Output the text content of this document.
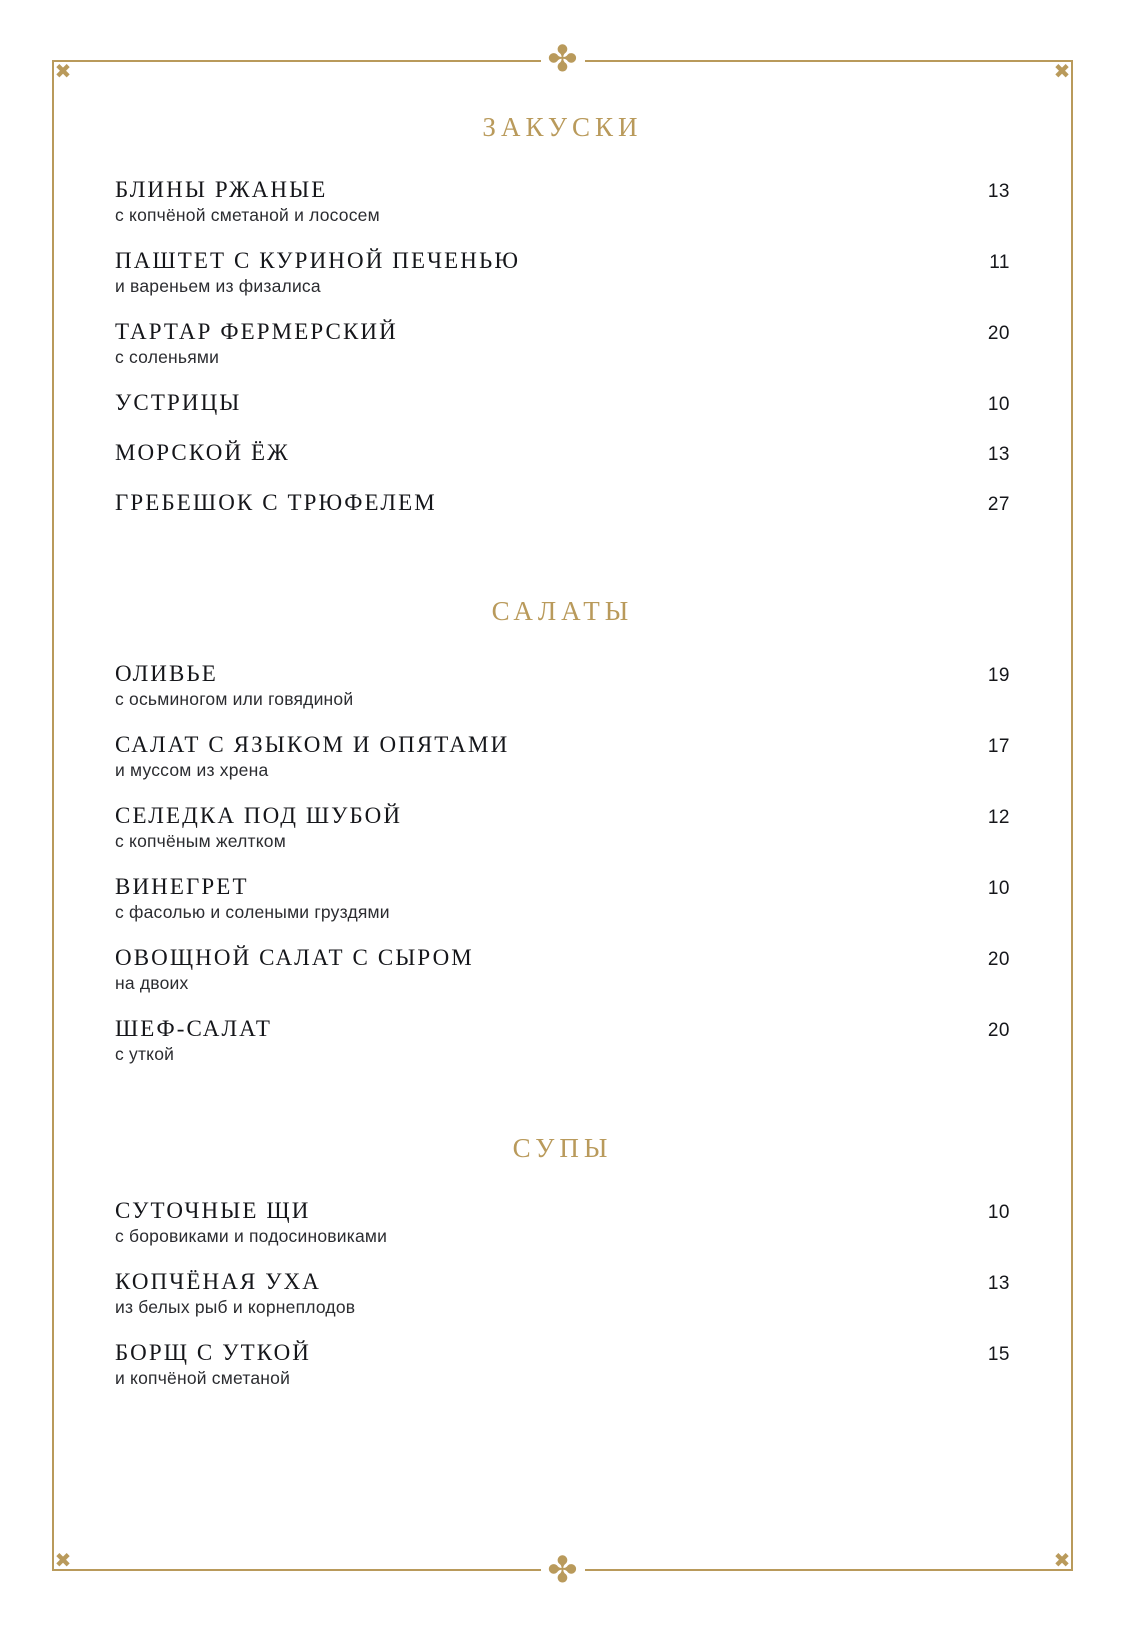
✖	✖
✖	✖
✤
✤
ЗАКУСКИ
БЛИНЫ РЖАНЫЕ	13
с копчёной сметаной и лососем
ПАШТЕТ С КУРИНОЙ ПЕЧЕНЬЮ	11
и вареньем из физалиса
ТАРТАР ФЕРМЕРСКИЙ	20
с соленьями
УСТРИЦЫ	10
МОРСКОЙ ЁЖ	13
ГРЕБЕШОК С ТРЮФЕЛЕМ	27
САЛАТЫ
ОЛИВЬЕ	19
с осьминогом или говядиной
САЛАТ С ЯЗЫКОМ И ОПЯТАМИ	17
и муссом из хрена
СЕЛЕДКА ПОД ШУБОЙ	12
с копчёным желтком
ВИНЕГРЕТ	10
с фасолью и солеными груздями
ОВОЩНОЙ САЛАТ С СЫРОМ	20
на двоих
ШЕФ-САЛАТ	20
с уткой
СУПЫ
СУТОЧНЫЕ ЩИ	10
с боровиками и подосиновиками
КОПЧЁНАЯ УХА	13
из белых рыб и корнеплодов
БОРЩ С УТКОЙ	15
и копчёной сметаной
